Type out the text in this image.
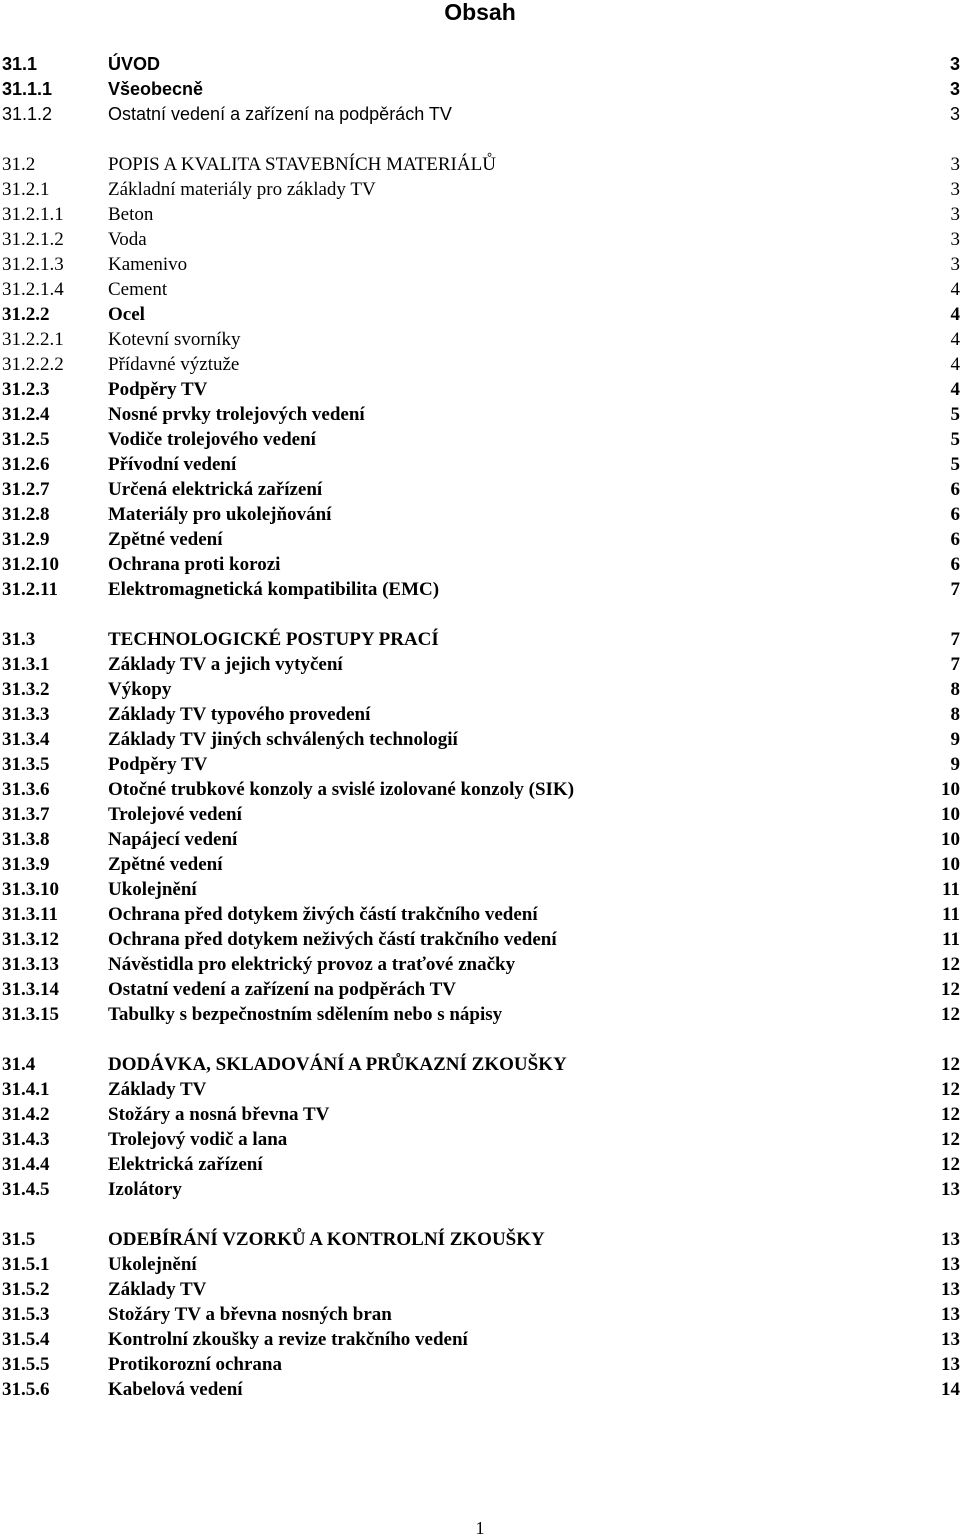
Obsah
31.1	ÚVOD	3
31.1.1	Všeobecně	3
31.1.2	Ostatní vedení a zařízení na podpěrách TV	3
31.2	POPIS A KVALITA STAVEBNÍCH MATERIÁLŮ	3
31.2.1	Základní materiály pro základy TV	3
31.2.1.1 Beton	3
31.2.1.2 Voda	3
31.2.1.3 Kamenivo	3
31.2.1.4 Cement	4
31.2.2	Ocel	4
31.2.2.1 Kotevní svorníky	4
31.2.2.2 Přídavné výztuže	4
31.2.3	Podpěry TV	4
31.2.4	Nosné prvky trolejových vedení	5
31.2.5	Vodiče trolejového vedení	5
31.2.6	Přívodní vedení	5
31.2.7	Určená elektrická zařízení	6
31.2.8	Materiály pro ukolejňování	6
31.2.9	Zpětné vedení	6
31.2.10	Ochrana proti korozi	6
31.2.11	Elektromagnetická kompatibilita (EMC)	7
31.3	TECHNOLOGICKÉ POSTUPY PRACÍ	7
31.3.1	Základy TV a jejich vytyčení	7
31.3.2	Výkopy	8
31.3.3	Základy TV typového provedení	8
31.3.4	Základy TV jiných schválených technologií	9
31.3.5	Podpěry TV	9
31.3.6	Otočné trubkové konzoly a svislé izolované konzoly (SIK)	10
31.3.7	Trolejové vedení	10
31.3.8	Napájecí vedení	10
31.3.9	Zpětné vedení	10
31.3.10	Ukolejnění	11
31.3.11	Ochrana před dotykem živých částí trakčního vedení	11
31.3.12	Ochrana před dotykem neživých částí trakčního vedení	11
31.3.13	Návěstidla pro elektrický provoz a traťové značky	12
31.3.14	Ostatní vedení a zařízení na podpěrách TV	12
31.3.15	Tabulky s bezpečnostním sdělením nebo s nápisy	12
31.4	DODÁVKA, SKLADOVÁNÍ A PRŮKAZNÍ ZKOUŠKY	12
31.4.1	Základy TV	12
31.4.2	Stožáry a nosná břevna TV	12
31.4.3	Trolejový vodič a lana	12
31.4.4	Elektrická zařízení	12
31.4.5	Izolátory	13
31.5	ODEBÍRÁNÍ VZORKŮ A KONTROLNÍ ZKOUŠKY	13
31.5.1	Ukolejnění	13
31.5.2	Základy TV	13
31.5.3	Stožáry TV a břevna nosných bran	13
31.5.4	Kontrolní zkoušky a revize trakčního vedení	13
31.5.5	Protikorozní ochrana	13
31.5.6	Kabelová vedení	14
1
